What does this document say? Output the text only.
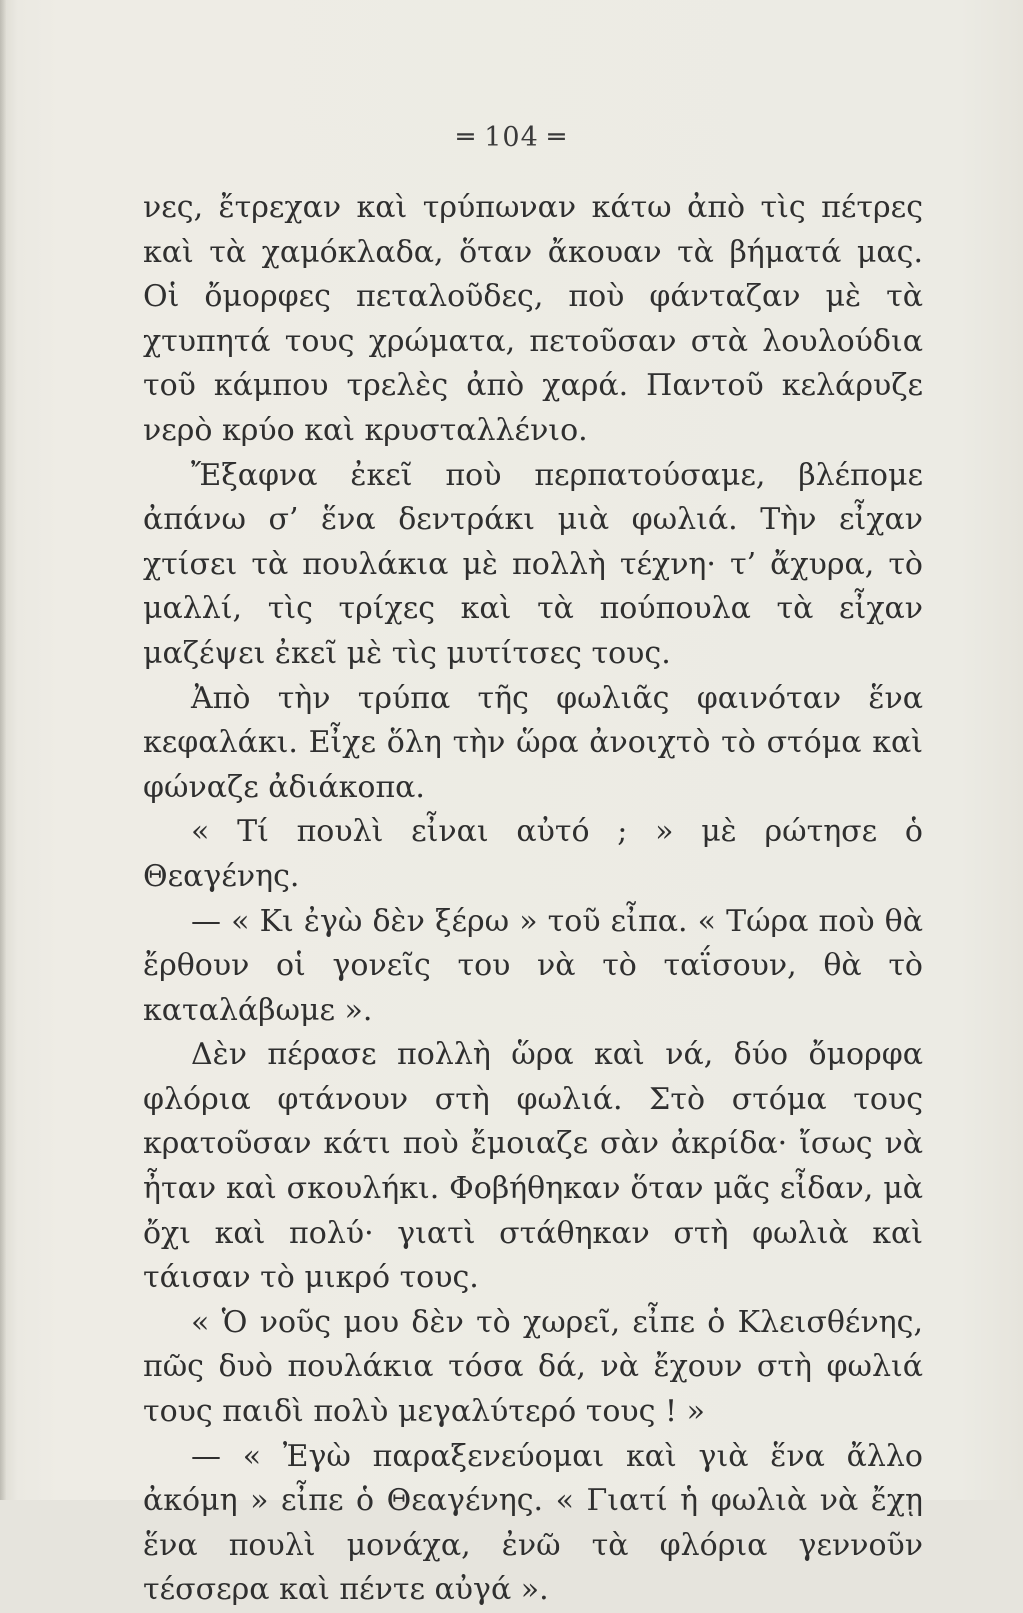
═ 104 ═

νες, ἔτρεχαν καὶ τρύπωναν κάτω ἀπὸ τὶς πέτρες καὶ τὰ χαμόκλαδα, ὅταν ἄκουαν τὰ βήματά μας. Οἱ ὄμορφες πεταλοῦδες, ποὺ φάνταζαν μὲ τὰ χτυπητά τους χρώματα, πετοῦσαν στὰ λουλούδια τοῦ κάμπου τρελὲς ἀπὸ χαρά. Παντοῦ κελάρυζε νερὸ κρύο καὶ κρυσταλλένιο.

Ἔξαφνα ἐκεῖ ποὺ περπατούσαμε, βλέπομε ἀπάνω σ’ ἕνα δεντράκι μιὰ φωλιά. Τὴν εἶχαν χτίσει τὰ πουλάκια μὲ πολλὴ τέχνη· τ’ ἄχυρα, τὸ μαλλί, τὶς τρίχες καὶ τὰ πούπουλα τὰ εἶχαν μαζέψει ἐκεῖ μὲ τὶς μυτίτσες τους.

Ἀπὸ τὴν τρύπα τῆς φωλιᾶς φαινόταν ἕνα κεφαλάκι. Εἶχε ὅλη τὴν ὥρα ἀνοιχτὸ τὸ στόμα καὶ φώναζε ἀδιάκοπα.

« Τί πουλὶ εἶναι αὐτό ; » μὲ ρώτησε ὁ Θεαγένης.

— « Κι ἐγὼ δὲν ξέρω » τοῦ εἶπα. « Τώρα ποὺ θὰ ἔρθουν οἱ γονεῖς του νὰ τὸ ταΐσουν, θὰ τὸ καταλάβωμε ».

Δὲν πέρασε πολλὴ ὥρα καὶ νά, δύο ὄμορφα φλόρια φτάνουν στὴ φωλιά. Στὸ στόμα τους κρατοῦσαν κάτι ποὺ ἔμοιαζε σὰν ἀκρίδα· ἴσως νὰ ἦταν καὶ σκουλήκι. Φοβήθηκαν ὅταν μᾶς εἶδαν, μὰ ὄχι καὶ πολύ· γιατὶ στάθηκαν στὴ φωλιὰ καὶ τάισαν τὸ μικρό τους.

« Ὁ νοῦς μου δὲν τὸ χωρεῖ, εἶπε ὁ Κλεισθένης, πῶς δυὸ πουλάκια τόσα δά, νὰ ἔχουν στὴ φωλιά τους παιδὶ πολὺ μεγαλύτερό τους ! »

— « Ἐγὼ παραξενεύομαι καὶ γιὰ ἕνα ἄλλο ἀκόμη » εἶπε ὁ Θεαγένης. « Γιατί ἡ φωλιὰ νὰ ἔχῃ ἕνα πουλὶ μονάχα, ἐνῶ τὰ φλόρια γεννοῦν τέσσερα καὶ πέντε αὐγά ».
